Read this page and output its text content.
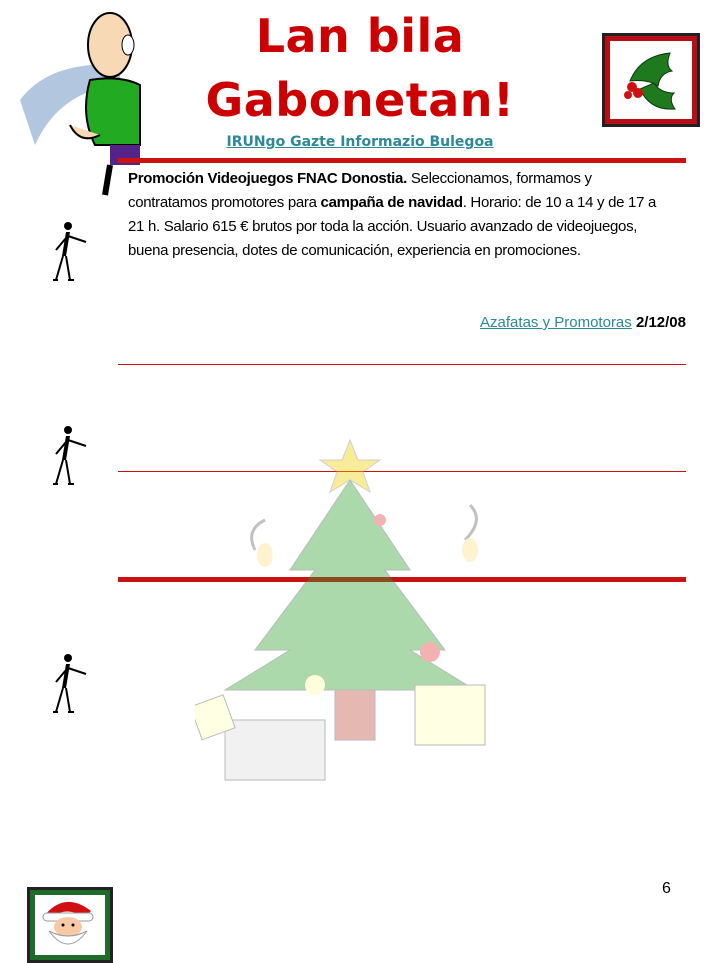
Lan bila
Gabonetan!
IRUNgo Gazte Informazio Bulegoa
Promoción Videojuegos FNAC Donostia. Seleccionamos, formamos y contratamos promotores para campaña de navidad. Horario: de 10 a 14 y de 17 a 21 h. Salario 615 € brutos por toda la acción. Usuario avanzado de videojuegos, buena presencia, dotes de comunicación, experiencia en promociones.
Azafatas y Promotoras 2/12/08
6
